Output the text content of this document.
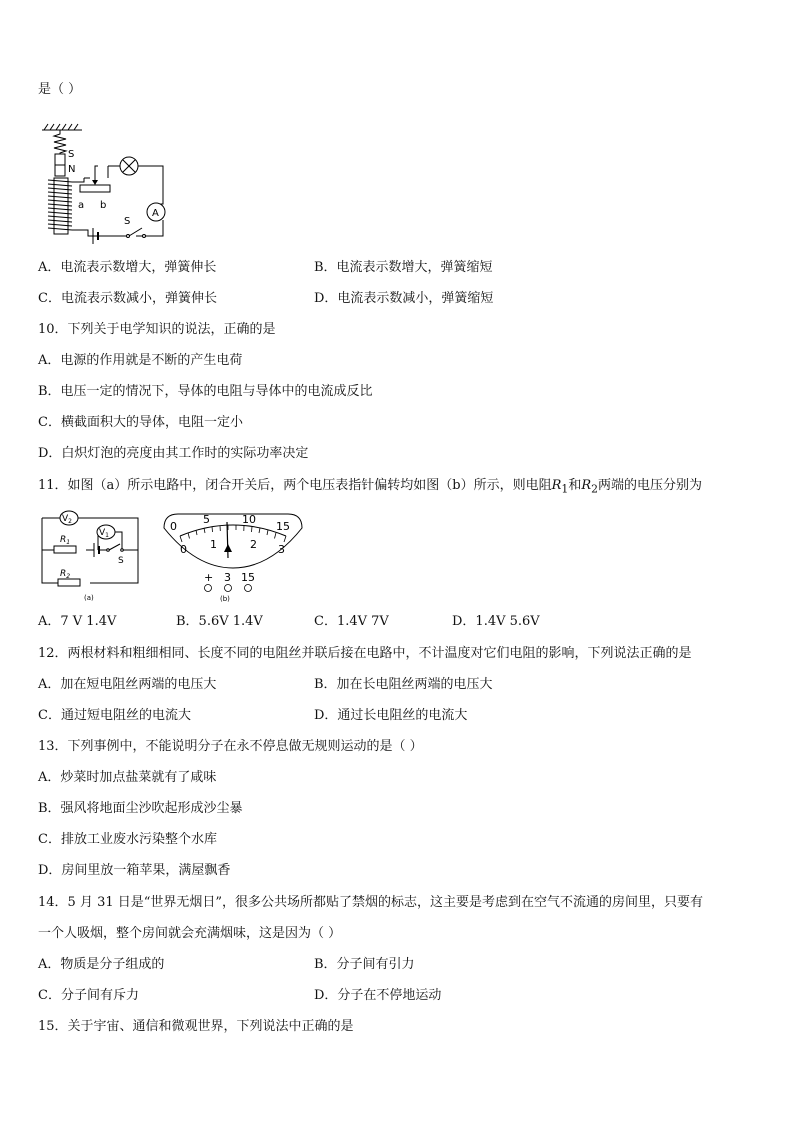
是（ ）
S
N
a b
A
S
A．电流表示数增大，弹簧伸长	B．电流表示数增大，弹簧缩短
C．电流表示数减小，弹簧伸长	D．电流表示数减小，弹簧缩短
10．下列关于电学知识的说法，正确的是
A．电源的作用就是不断的产生电荷
B．电压一定的情况下，导体的电阻与导体中的电流成反比
C．横截面积大的导体，电阻一定小
D．白炽灯泡的亮度由其工作时的实际功率决定
11．如图（a）所示电路中，闭合开关后，两个电压表指针偏转均如图（b）所示，则电阻$R_1$和$R_2$两端的电压分别为
$V_2$
$V_1$
$R_1$
S
$R_2$
(a)
0
5	10
15
0 1	2 3
+ 3 15
(b)
A．7 V 1.4V	B．5.6V 1.4V	C．1.4V 7V	D．1.4V 5.6V
12．两根材料和粗细相同、长度不同的电阻丝并联后接在电路中，不计温度对它们电阻的影响，下列说法正确的是
A．加在短电阻丝两端的电压大	B．加在长电阻丝两端的电压大
C．通过短电阻丝的电流大	D．通过长电阻丝的电流大
13．下列事例中，不能说明分子在永不停息做无规则运动的是（ ）
A．炒菜时加点盐菜就有了咸味
B．强风将地面尘沙吹起形成沙尘暴
C．排放工业废水污染整个水库
D．房间里放一箱苹果，满屋飘香
14．5 月 31 日是“世界无烟日”，很多公共场所都贴了禁烟的标志，这主要是考虑到在空气不流通的房间里，只要有
一个人吸烟，整个房间就会充满烟味，这是因为（ ）
A．物质是分子组成的	B．分子间有引力
C．分子间有斥力	D．分子在不停地运动
15．关于宇宙、通信和微观世界，下列说法中正确的是
